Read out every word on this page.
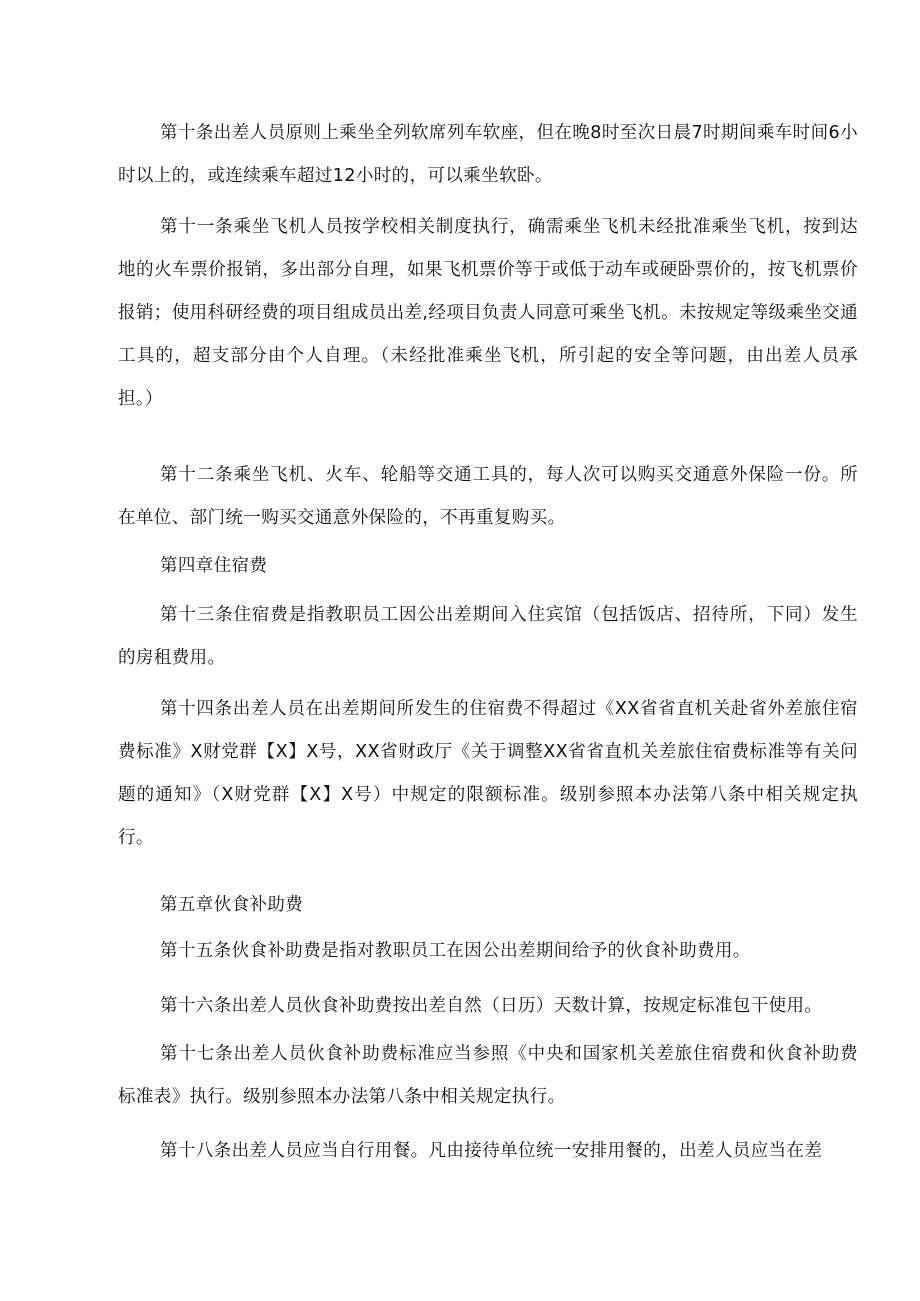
第十条出差人员原则上乘坐全列软席列车软座，但在晚8时至次日晨7时期间乘车时间6小时以上的，或连续乘车超过12小时的，可以乘坐软卧。

第十一条乘坐飞机人员按学校相关制度执行，确需乘坐飞机未经批准乘坐飞机，按到达地的火车票价报销，多出部分自理，如果飞机票价等于或低于动车或硬卧票价的，按飞机票价报销；使用科研经费的项目组成员出差,经项目负责人同意可乘坐飞机。未按规定等级乘坐交通工具的，超支部分由个人自理。（未经批准乘坐飞机，所引起的安全等问题，由出差人员承担。）

第十二条乘坐飞机、火车、轮船等交通工具的，每人次可以购买交通意外保险一份。所在单位、部门统一购买交通意外保险的，不再重复购买。

第四章住宿费

第十三条住宿费是指教职员工因公出差期间入住宾馆（包括饭店、招待所，下同）发生的房租费用。

第十四条出差人员在出差期间所发生的住宿费不得超过《XX省省直机关赴省外差旅住宿费标准》X财党群【X】X号，XX省财政厅《关于调整XX省省直机关差旅住宿费标准等有关问题的通知》（X财党群【X】X号）中规定的限额标准。级别参照本办法第八条中相关规定执行。

第五章伙食补助费

第十五条伙食补助费是指对教职员工在因公出差期间给予的伙食补助费用。

第十六条出差人员伙食补助费按出差自然（日历）天数计算，按规定标准包干使用。

第十七条出差人员伙食补助费标准应当参照《中央和国家机关差旅住宿费和伙食补助费标准表》执行。级别参照本办法第八条中相关规定执行。

第十八条出差人员应当自行用餐。凡由接待单位统一安排用餐的，出差人员应当在差
